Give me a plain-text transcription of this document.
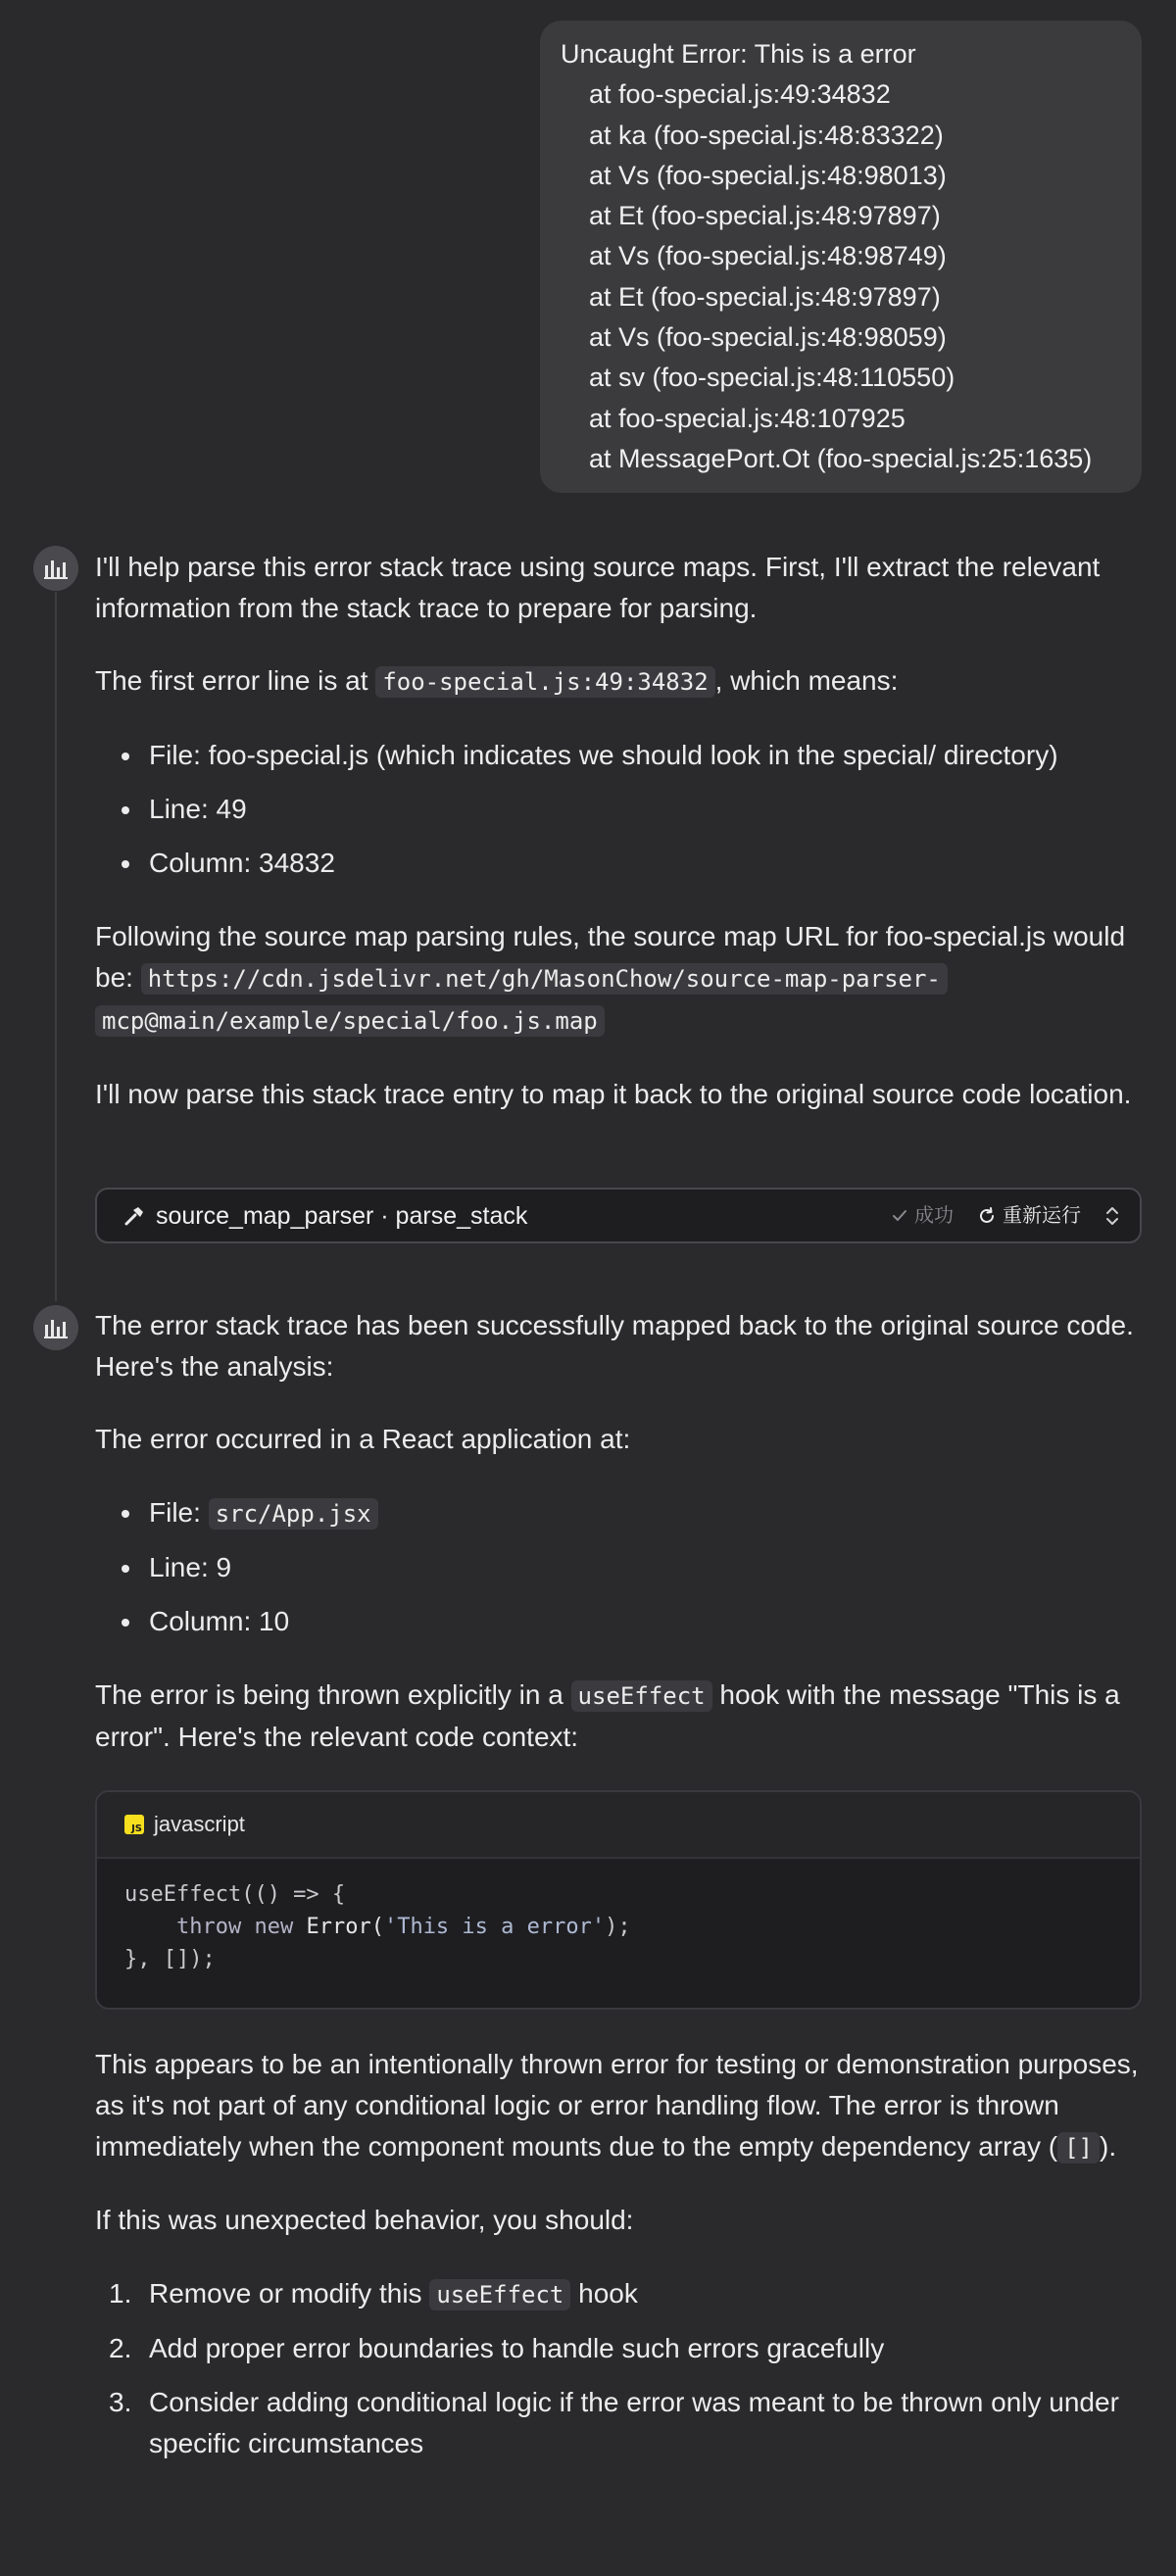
Uncaught Error: This is a error
at foo-special.js:49:34832
at ka (foo-special.js:48:83322)
at Vs (foo-special.js:48:98013)
at Et (foo-special.js:48:97897)
at Vs (foo-special.js:48:98749)
at Et (foo-special.js:48:97897)
at Vs (foo-special.js:48:98059)
at sv (foo-special.js:48:110550)
at foo-special.js:48:107925
at MessagePort.Ot (foo-special.js:25:1635)

I'll help parse this error stack trace using source maps. First, I'll extract the relevant information from the stack trace to prepare for parsing.

The first error line is at foo-special.js:49:34832 , which means:

File: foo-special.js (which indicates we should look in the special/ directory)
Line: 49
Column: 34832

Following the source map parsing rules, the source map URL for foo-special.js would be: https://cdn.jsdelivr.net/gh/MasonChow/source-map-parser-
mcp@main/example/special/foo.js.map

I'll now parse this stack trace entry to map it back to the original source code location.

source_map_parser · parse_stack	成功	重新运行

The error stack trace has been successfully mapped back to the original source code. Here's the analysis:

The error occurred in a React application at:

File: src/App.jsx
Line: 9
Column: 10

The error is being thrown explicitly in a useEffect hook with the message "This is a error". Here's the relevant code context:

JS javascript
useEffect(() => {
throw new Error('This is a error');
}, []);

This appears to be an intentionally thrown error for testing or demonstration purposes, as it's not part of any conditional logic or error handling flow. The error is thrown immediately when the component mounts due to the empty dependency array ( [] ).

If this was unexpected behavior, you should:

1. Remove or modify this useEffect hook
2. Add proper error boundaries to handle such errors gracefully
3. Consider adding conditional logic if the error was meant to be thrown only under specific circumstances
